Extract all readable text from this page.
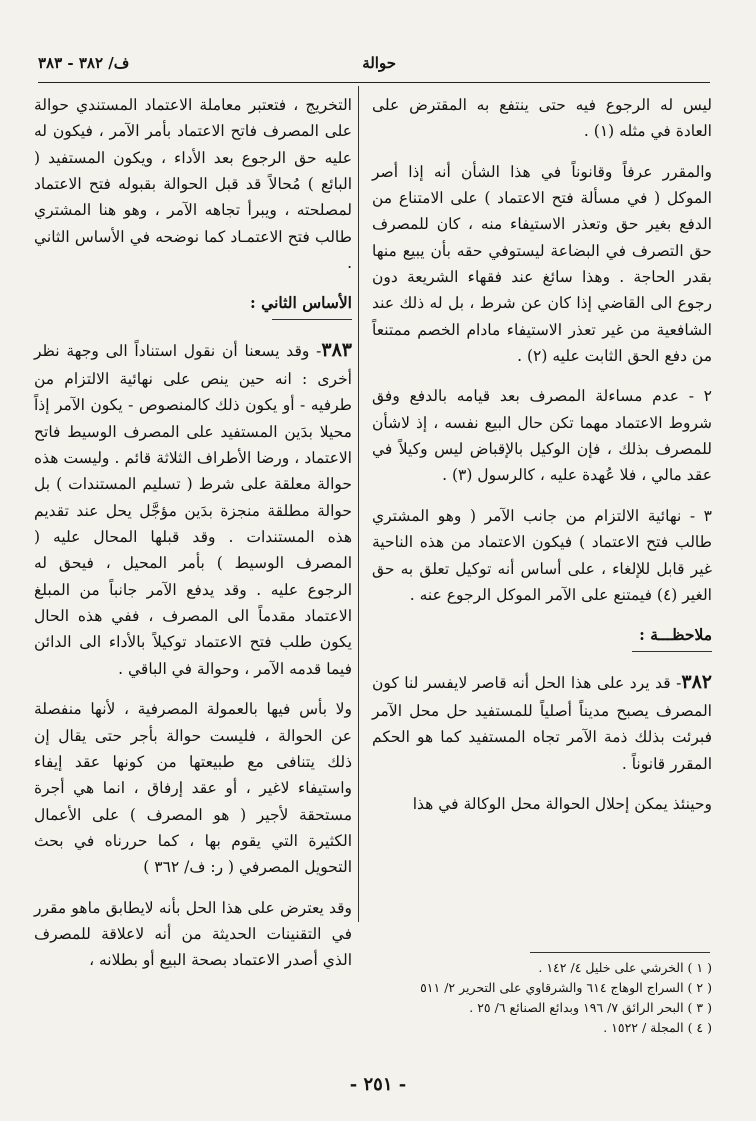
حوالة
ف/ ٣٨٢ - ٣٨٣

ليس له الرجوع فيه حتى ينتفع به المقترض على العادة في مثله (١) .

والمقرر عرفاً وقانوناً في هذا الشأن أنه إذا أصر الموكل ( في مسألة فتح الاعتماد ) على الامتناع من الدفع بغير حق وتعذر الاستيفاء منه ، كان للمصرف حق التصرف في البضاعة ليستوفي حقه بأن يبيع منها بقدر الحاجة . وهذا سائغ عند فقهاء الشريعة دون رجوع الى القاضي إذا كان عن شرط ، بل له ذلك عند الشافعية من غير تعذر الاستيفاء مادام الخصم ممتنعاً من دفع الحق الثابت عليه (٢) .

٢ - عدم مساءلة المصرف بعد قيامه بالدفع وفق شروط الاعتماد مهما تكن حال البيع نفسه ، إذ لاشأن للمصرف بذلك ، فإن الوكيل بالإقباض ليس وكيلاً في عقد مالي ، فلا عُهدة عليه ، كالرسول (٣) .

٣ - نهائية الالتزام من جانب الآمر ( وهو المشتري طالب فتح الاعتماد ) فيكون الاعتماد من هذه الناحية غير قابل للإلغاء ، على أساس أنه توكيل تعلق به حق الغير (٤) فيمتنع على الآمر الموكل الرجوع عنه .

ملاحظـــة :

٣٨٢- قد يرد على هذا الحل أنه قاصر لايفسر لنا كون المصرف يصبح مديناً أصلياً للمستفيد حل محل الآمر فبرئت بذلك ذمة الآمر تجاه المستفيد كما هو الحكم المقرر قانوناً .

وحينئذ يمكن إحلال الحوالة محل الوكالة في هذا

التخريج ، فتعتبر معاملة الاعتماد المستندي حوالة على المصرف فاتح الاعتماد بأمر الآمر ، فيكون له عليه حق الرجوع بعد الأداء ، ويكون المستفيد ( البائع ) مُحالاً قد قبل الحوالة بقبوله فتح الاعتماد لمصلحته ، ويبرأ تجاهه الآمر ، وهو هنا المشتري طالب فتح الاعتمـاد كما نوضحه في الأساس الثاني .

الأساس الثاني :

٣٨٣- وقد يسعنا أن نقول استناداً الى وجهة نظر أخرى : انه حين ينص على نهائية الالتزام من طرفيه - أو يكون ذلك كالمنصوص - يكون الآمر إذاً محيلا بدَين المستفيد على المصرف الوسيط فاتح الاعتماد ، ورضا الأطراف الثلاثة قائم . وليست هذه حوالة معلقة على شرط ( تسليم المستندات ) بل حوالة مطلقة منجزة بدَين مؤجَّل يحل عند تقديم هذه المستندات . وقد قبلها المحال عليه ( المصرف الوسيط ) بأمر المحيل ، فيحق له الرجوع عليه . وقد يدفع الآمر جانباً من المبلغ الاعتماد مقدماً الى المصرف ، ففي هذه الحال يكون طلب فتح الاعتماد توكيلاً بالأداء الى الدائن فيما قدمه الآمر ، وحوالة في الباقي .

ولا بأس فيها بالعمولة المصرفية ، لأنها منفصلة عن الحوالة ، فليست حوالة بأجر حتى يقال إن ذلك يتنافى مع طبيعتها من كونها عقد إيفاء واستيفاء لاغير ، أو عقد إرفاق ، انما هي أجرة مستحقة لأجير ( هو المصرف ) على الأعمال الكثيرة التي يقوم بها ، كما حررناه في بحث التحويل المصرفي ( ر: ف/ ٣٦٢ )

وقد يعترض على هذا الحل بأنه لايطابق ماهو مقرر في التقنينات الحديثة من أنه لاعلاقة للمصرف الذي أصدر الاعتماد بصحة البيع أو بطلانه ،	( ١ ) الخرشي على خليل ٤/ ١٤٢ .
( ٢ ) السراج الوهاج ٦١٤ والشرقاوي على التحرير ٢/ ٥١١
( ٣ ) البحر الرائق ٧/ ١٩٦ وبدائع الصنائع ٦/ ٢٥ .
( ٤ ) المجلة / ١٥٢٢ .
- ٢٥١ -
